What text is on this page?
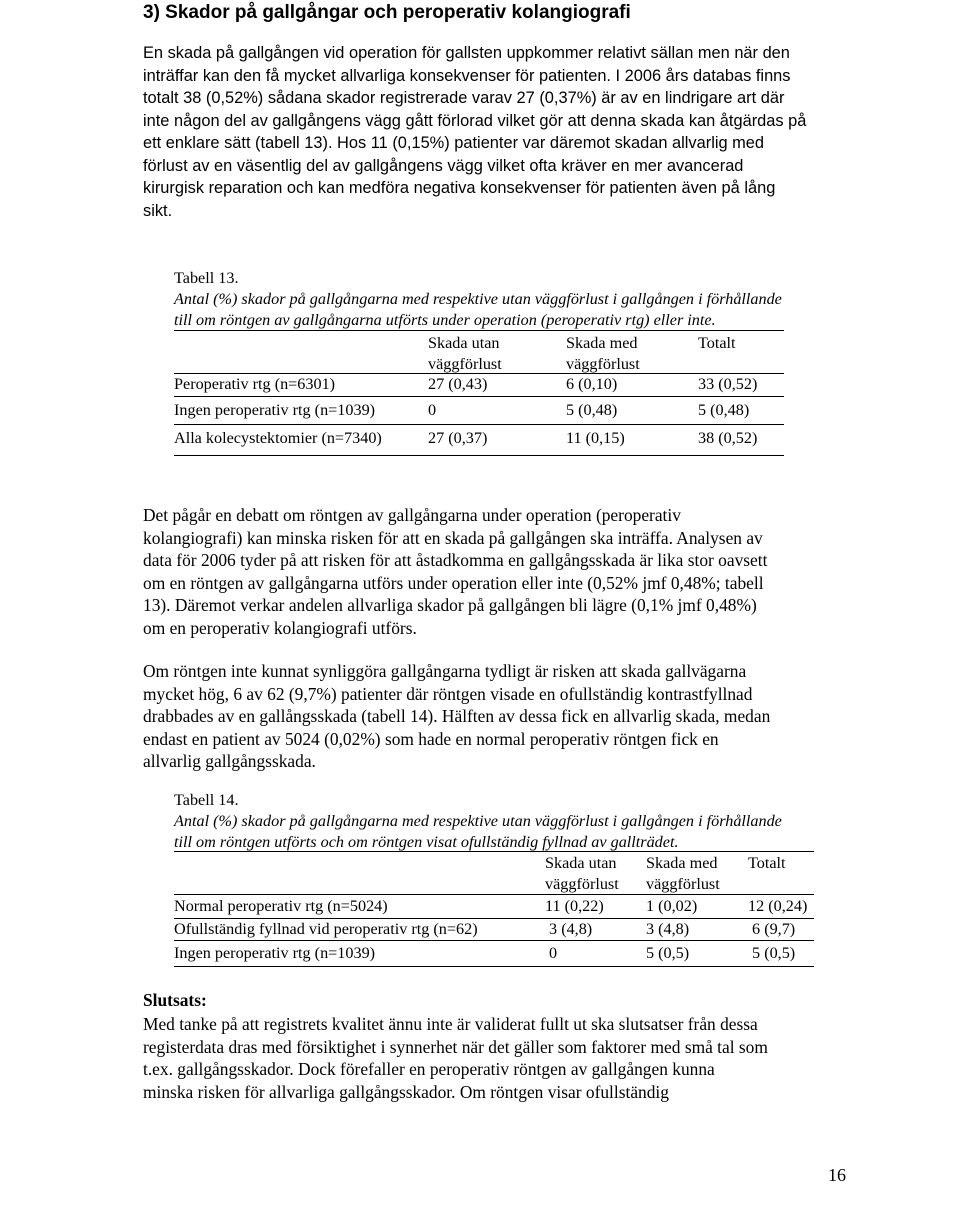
3) Skador på gallgångar och peroperativ kolangiografi

En skada på gallgången vid operation för gallsten uppkommer relativt sällan men när den

inträffar kan den få mycket allvarliga konsekvenser för patienten. I 2006 års databas finns

totalt 38 (0,52%) sådana skador registrerade varav 27 (0,37%) är av en lindrigare art där

inte någon del av gallgångens vägg gått förlorad vilket gör att denna skada kan åtgärdas på

ett enklare sätt (tabell 13). Hos 11 (0,15%) patienter var däremot skadan allvarlig med

förlust av en väsentlig del av gallgångens vägg vilket ofta kräver en mer avancerad

kirurgisk reparation och kan medföra negativa konsekvenser för patienten även på lång

sikt.

Tabell 13.
Antal (%) skador på gallgångarna med respektive utan väggförlust i gallgången i förhållande
till om röntgen av gallgångarna utförts under operation (peroperativ rtg) eller inte.
Skada utan
väggförlust
Skada med
väggförlust
Totalt
Peroperativ rtg (n=6301)	27 (0,43)	6 (0,10)	33 (0,52)
Ingen peroperativ rtg (n=1039)	0	5 (0,48)	5 (0,48)
Alla kolecystektomier (n=7340)	27 (0,37)	11 (0,15)	38 (0,52)

Det pågår en debatt om röntgen av gallgångarna under operation (peroperativ

kolangiografi) kan minska risken för att en skada på gallgången ska inträffa. Analysen av

data för 2006 tyder på att risken för att åstadkomma en gallgångsskada är lika stor oavsett

om en röntgen av gallgångarna utförs under operation eller inte (0,52% jmf 0,48%; tabell

13). Däremot verkar andelen allvarliga skador på gallgången bli lägre (0,1% jmf 0,48%)

om en peroperativ kolangiografi utförs.

Om röntgen inte kunnat synliggöra gallgångarna tydligt är risken att skada gallvägarna

mycket hög, 6 av 62 (9,7%) patienter där röntgen visade en ofullständig kontrastfyllnad

drabbades av en gallångsskada (tabell 14). Hälften av dessa fick en allvarlig skada, medan

endast en patient av 5024 (0,02%) som hade en normal peroperativ röntgen fick en

allvarlig gallgångsskada.

Tabell 14.
Antal (%) skador på gallgångarna med respektive utan väggförlust i gallgången i förhållande
till om röntgen utförts och om röntgen visat ofullständig fyllnad av gallträdet.
Skada utan
väggförlust
Skada med
väggförlust
Totalt
Normal peroperativ rtg (n=5024)	11 (0,22)	1 (0,02)	12 (0,24)
Ofullständig fyllnad vid peroperativ rtg (n=62)	3 (4,8)	3 (4,8)	6 (9,7)
Ingen peroperativ rtg (n=1039)	0	5 (0,5)	5 (0,5)
Slutsats:

Med tanke på att registrets kvalitet ännu inte är validerat fullt ut ska slutsatser från dessa

registerdata dras med försiktighet i synnerhet när det gäller som faktorer med små tal som

t.ex. gallgångsskador. Dock förefaller en peroperativ röntgen av gallgången kunna

minska risken för allvarliga gallgångsskador. Om röntgen visar ofullständig

16
